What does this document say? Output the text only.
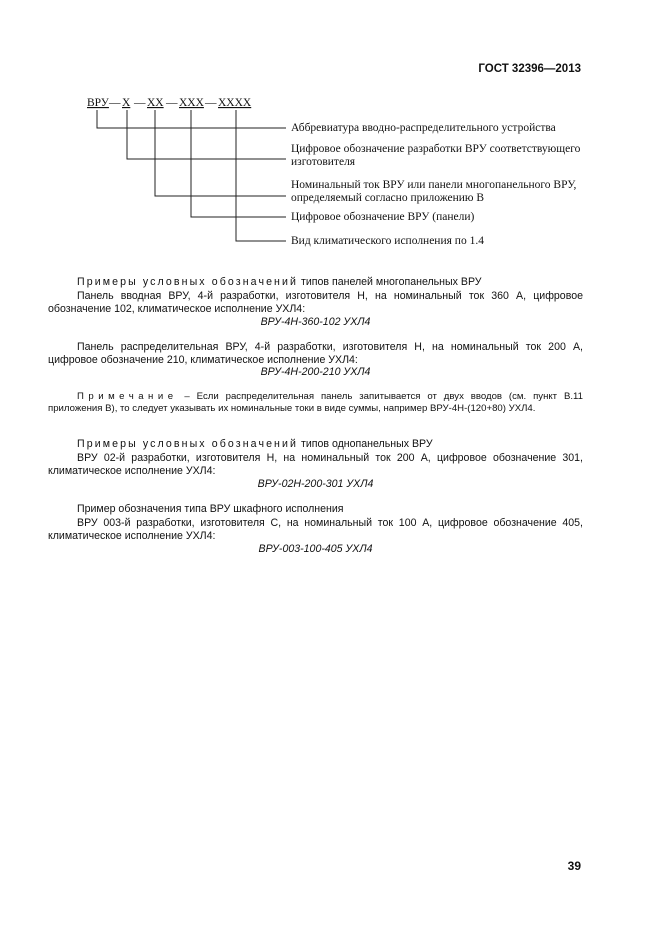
ГОСТ 32396—2013
ВРУ — Х — ХХ — ХХХ — ХХХХ
Аббревиатура вводно-распределительного устройства
Цифровое обозначение разработки ВРУ соответствующего
изготовителя
Номинальный ток ВРУ или панели многопанельного ВРУ,
определяемый согласно приложению В
Цифровое обозначение ВРУ (панели)
Вид климатического исполнения по 1.4
Примеры условных обозначений типов панелей многопанельных ВРУ
Панель вводная ВРУ, 4-й разработки, изготовителя Н, на номинальный ток 360 А, цифровое обозначение 102, климатическое исполнение УХЛ4:
ВРУ-4Н-360-102 УХЛ4
Панель распределительная ВРУ, 4-й разработки, изготовителя Н, на номинальный ток 200 А, цифровое обозначение 210, климатическое исполнение УХЛ4:
ВРУ-4Н-200-210 УХЛ4
Примечание – Если распределительная панель запитывается от двух вводов (см. пункт В.11 приложения В), то следует указывать их номинальные токи в виде суммы, например ВРУ-4Н-(120+80) УХЛ4.
Примеры условных обозначений типов однопанельных ВРУ
ВРУ 02-й разработки, изготовителя Н, на номинальный ток 200 А, цифровое обозначение 301, климатическое исполнение УХЛ4:
ВРУ-02Н-200-301 УХЛ4
Пример обозначения типа ВРУ шкафного исполнения
ВРУ 003-й разработки, изготовителя С, на номинальный ток 100 А, цифровое обозначение 405, климатическое исполнение УХЛ4:
ВРУ-003-100-405 УХЛ4
39
